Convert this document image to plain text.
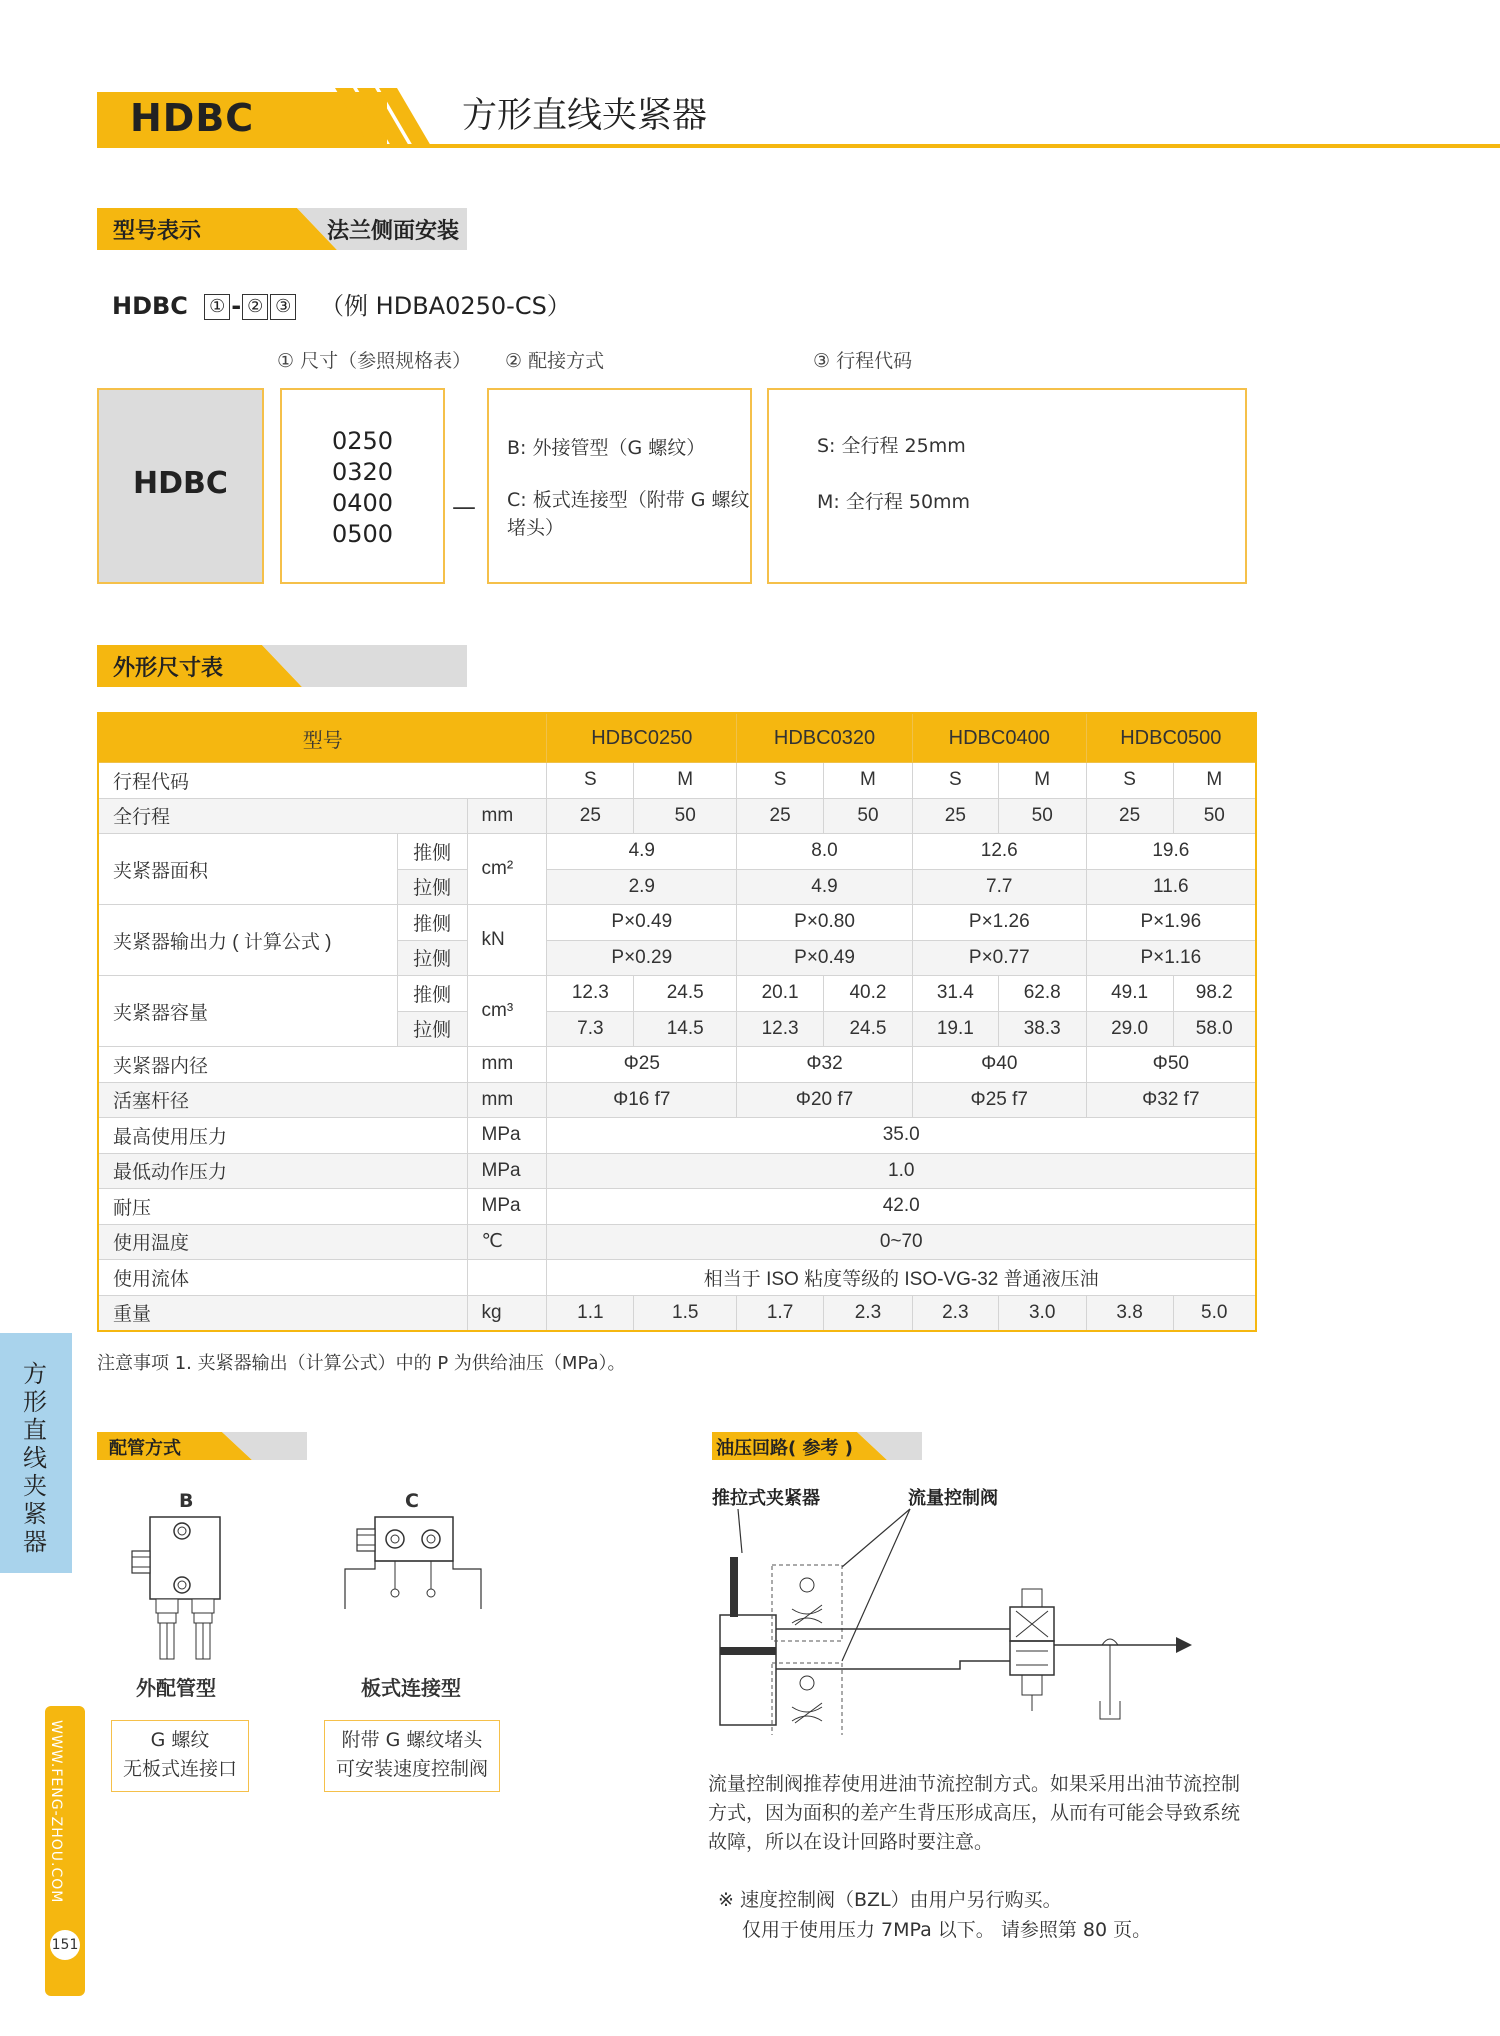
HDBC	方形直线夹紧器
型号表示	法兰侧面安装
HDBC ① - ② ③ （例 HDBA0250-CS）
① 尺寸（参照规格表） ② 配接方式	③ 行程代码
HDBC
0250
0320
0400
0500
—
B: 外接管型（G 螺纹）
C: 板式连接型（附带 G 螺纹
堵头）
S: 全行程 25mm
M: 全行程 50mm
外形尺寸表
型号			HDBC0250		HDBC0320		HDBC0400		HDBC0500	
行程代码			S	M	S	M	S	M	S	M
全行程		mm	25	50	25	50	25	50	25	50
夹紧器面积	推侧	cm²	4.9		8.0		12.6		19.6	
	拉侧		2.9		4.9		7.7		11.6	
夹紧器输出力 ( 计算公式 )	推侧	kN	P×0.49		P×0.80		P×1.26		P×1.96	
	拉侧		P×0.29		P×0.49		P×0.77		P×1.16	
夹紧器容量	推侧	cm³	12.3	24.5	20.1	40.2	31.4	62.8	49.1	98.2
	拉侧		7.3	14.5	12.3	24.5	19.1	38.3	29.0	58.0
夹紧器内径		mm	Φ25		Φ32		Φ40		Φ50	
活塞杆径		mm	Φ16 f7		Φ20 f7		Φ25 f7		Φ32 f7	
最高使用压力		MPa	35.0							
最低动作压力		MPa	1.0							
耐压		MPa	42.0							
使用温度		℃	0~70							
使用流体			相当于 ISO 粘度等级的 ISO-VG-32 普通液压油							
重量		kg	1.1	1.5	1.7	2.3	2.3	3.0	3.8	5.0
注意事项 1. 夹紧器输出（计算公式）中的 P 为供给油压（MPa）。
方形直线夹紧器
WWW.FENG-ZHOU.COM
151
配管方式
B	C
外配管型	板式连接型
G 螺纹
无板式连接口
附带 G 螺纹堵头
可安装速度控制阀
油压回路( 参考 )
推拉式夹紧器	流量控制阀
流量控制阀推荐使用进油节流控制方式。如果采用出油节流控制方式，因为面积的差产生背压形成高压，从而有可能会导致系统故障，所以在设计回路时要注意。
※ 速度控制阀（BZL）由用户另行购买。
仅用于使用压力 7MPa 以下。 请参照第 80 页。
